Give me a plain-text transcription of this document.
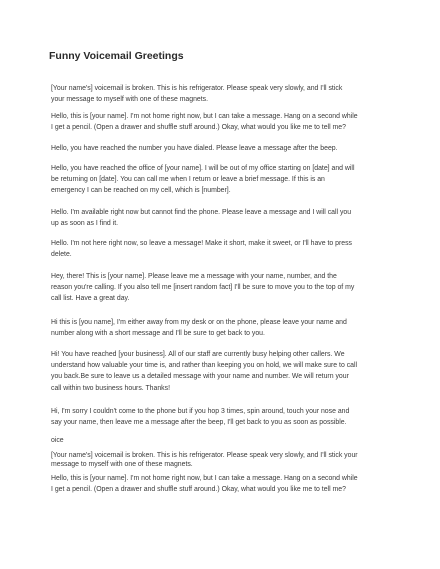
Funny Voicemail Greetings

[Your name's] voicemail is broken. This is his refrigerator. Please speak very slowly, and I'll stick
your message to myself with one of these magnets.

Hello, this is [your name]. I'm not home right now, but I can take a message. Hang on a second while
I get a pencil. (Open a drawer and shuffle stuff around.) Okay, what would you like me to tell me?

Hello, you have reached the number you have dialed. Please leave a message after the beep.

Hello, you have reached the office of [your name]. I will be out of my office starting on [date] and will
be returning on [date]. You can call me when I return or leave a brief message. If this is an
emergency I can be reached on my cell, which is [number].

Hello. I'm available right now but cannot find the phone. Please leave a message and I will call you
up as soon as I find it.

Hello. I'm not here right now, so leave a message! Make it short, make it sweet, or I'll have to press
delete.

Hey, there! This is [your name]. Please leave me a message with your name, number, and the
reason you're calling. If you also tell me [insert random fact] I'll be sure to move you to the top of my
call list. Have a great day.

Hi this is [you name], I'm either away from my desk or on the phone, please leave your name and
number along with a short message and I'll be sure to get back to you.

Hi! You have reached [your business]. All of our staff are currently busy helping other callers. We
understand how valuable your time is, and rather than keeping you on hold, we will make sure to call
you back.Be sure to leave us a detailed message with your name and number. We will return your
call within two business hours. Thanks!

Hi, I'm sorry I couldn't come to the phone but if you hop 3 times, spin around, touch your nose and
say your name, then leave me a message after the beep, I'll get back to you as soon as possible.

oice

[Your name's] voicemail is broken. This is his refrigerator. Please speak very slowly, and I'll stick your
message to myself with one of these magnets.

Hello, this is [your name]. I'm not home right now, but I can take a message. Hang on a second while
I get a pencil. (Open a drawer and shuffle stuff around.) Okay, what would you like me to tell me?
